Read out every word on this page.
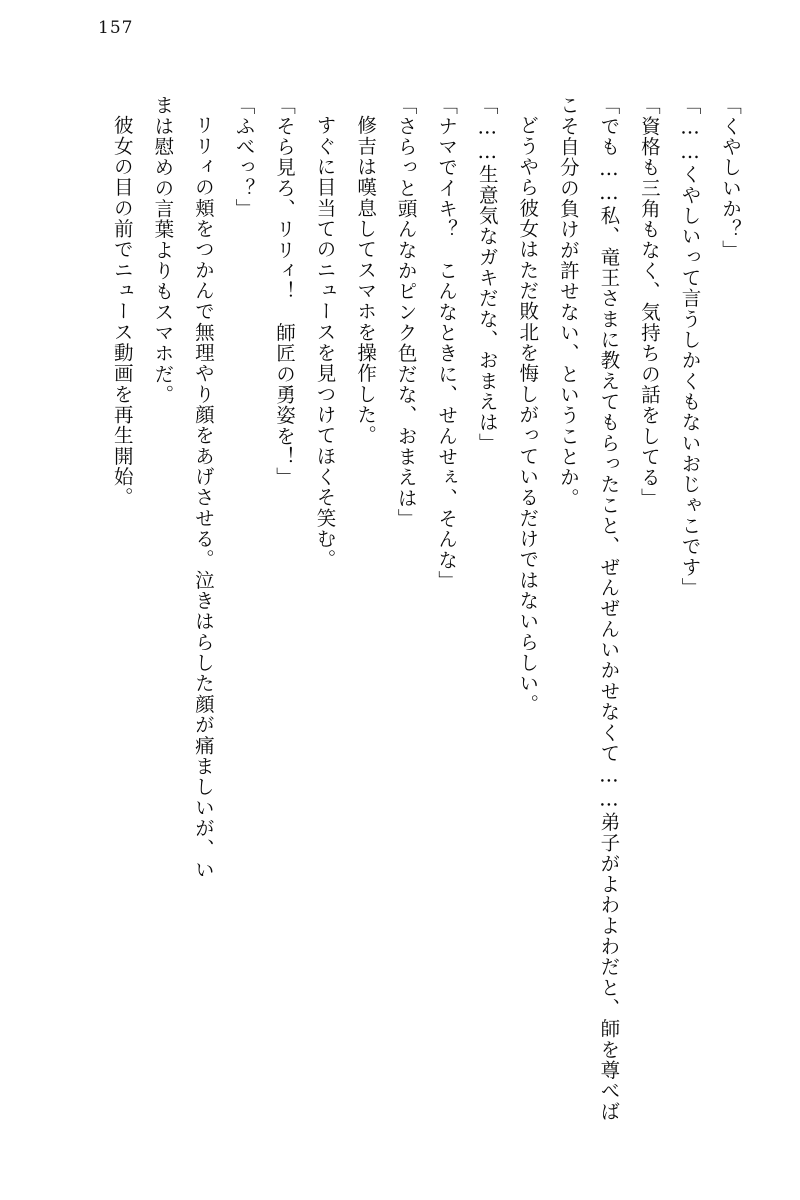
157

「くやしいか？」

「……くやしいって言うしかくもないおじゃこです」

「資格も三角もなく、気持ちの話をしてる」

「でも……私、竜王さまに教えてもらったこと、ぜんぜんいかせなくて……弟子がよわよわだと、師を尊べばこそ自分の負けが許せない、ということか。

どうやら彼女はただ敗北を悔しがっているだけではないらしい。

「……生意気なガキだな、おまえは」

「ナマでイキ？　こんなときに、せんせぇ、そんな」

「さらっと頭んなかピンク色だな、おまえは」

修吉は嘆息してスマホを操作した。

すぐに目当てのニュースを見つけてほくそ笑む。

「そら見ろ、リリィ！　師匠の勇姿を！」

「ふべっ？」

リリィの頬をつかんで無理やり顔をあげさせる。泣きはらした顔が痛ましいが、い

まは慰めの言葉よりもスマホだ。

彼女の目の前でニュース動画を再生開始。
